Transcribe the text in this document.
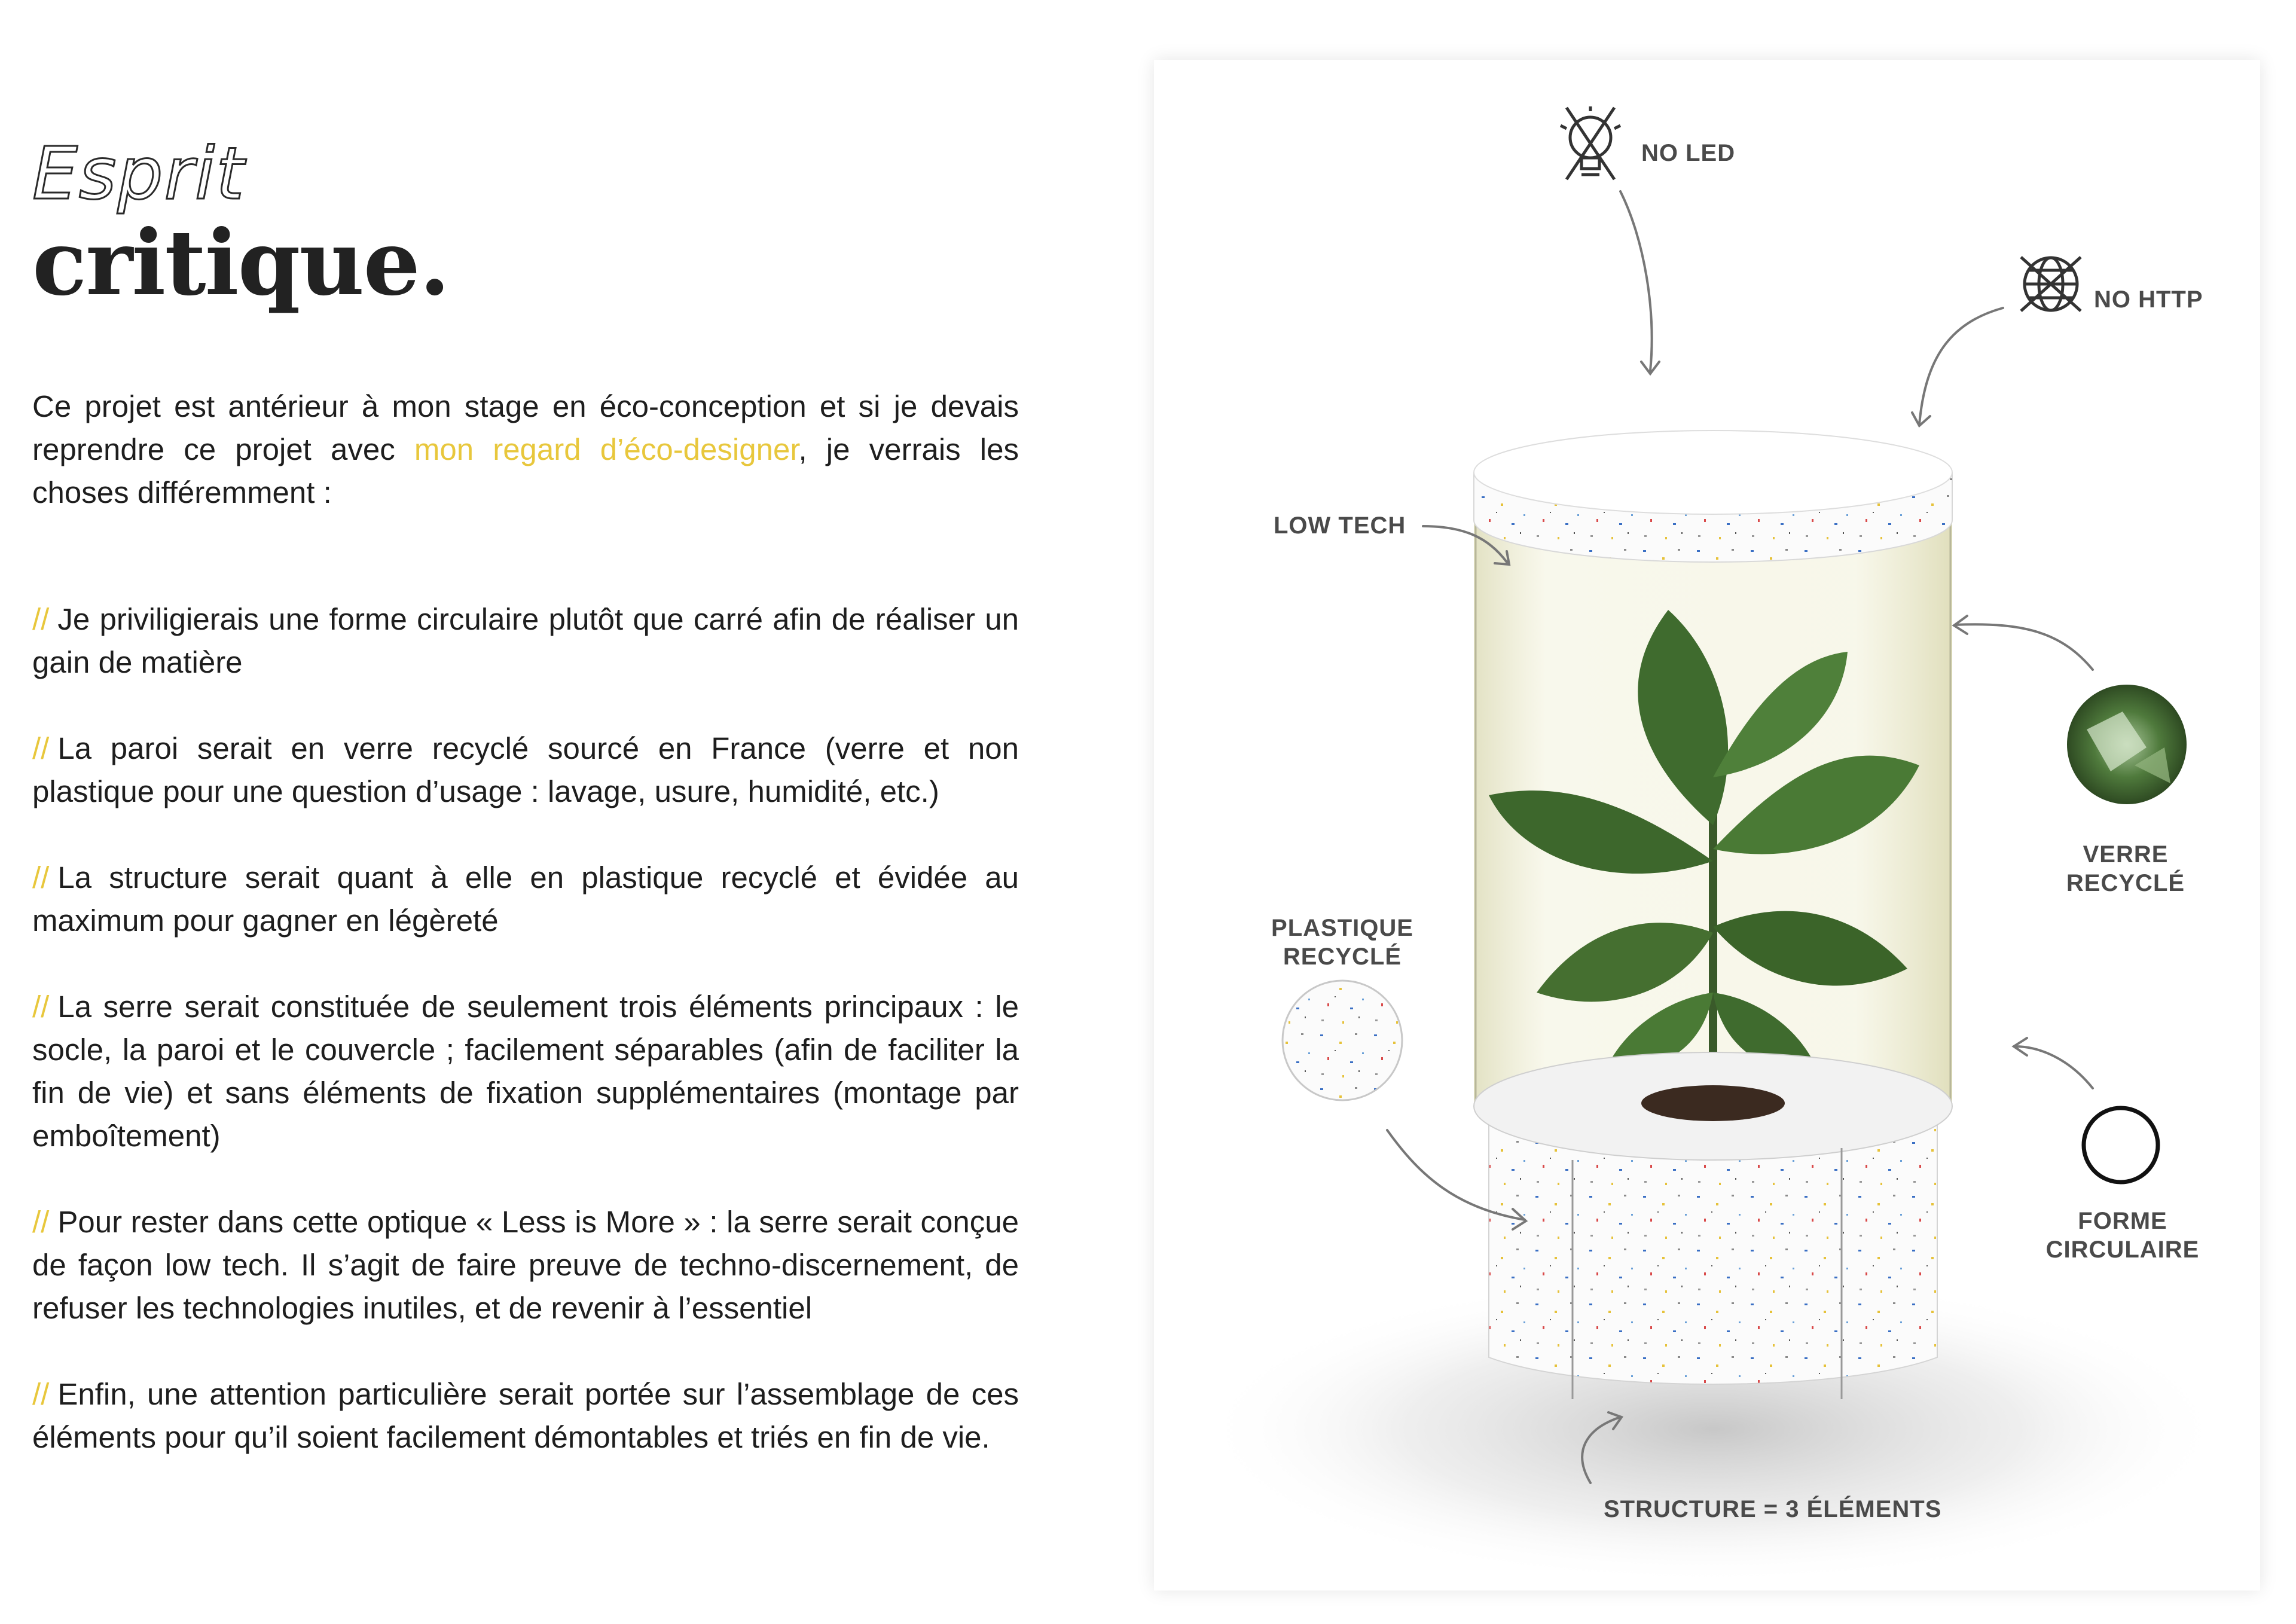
Esprit
critique.

Ce projet est antérieur à mon stage en éco-conception et si je devais reprendre ce projet avec mon regard d’éco-designer, je verrais les choses différemment :

// Je priviligierais une forme circulaire plutôt que carré afin de réaliser un gain de matière
// La paroi serait en verre recyclé sourcé en France (verre et non plastique pour une question d’usage : lavage, usure, humidité, etc.)
// La structure serait quant à elle en plastique recyclé et évidée au maximum pour gagner en légèreté
// La serre serait constituée de seulement trois éléments principaux : le socle, la paroi et le couvercle ; facilement séparables (afin de faciliter la fin de vie) et sans éléments de fixation supplémentaires (montage par emboîtement)
// Pour rester dans cette optique « Less is More » : la serre serait conçue de façon low tech. Il s’agit de faire preuve de techno-discernement, de refuser les technologies inutiles, et de revenir à l’essentiel
// Enfin, une attention particulière serait portée sur l’assemblage de ces éléments pour qu’il soient facilement démontables et triés en fin de vie.
NO LED
NO HTTP
LOW TECH
VERRE
RECYCLÉ
PLASTIQUE
RECYCLÉ
FORME
CIRCULAIRE
STRUCTURE = 3 ÉLÉMENTS
